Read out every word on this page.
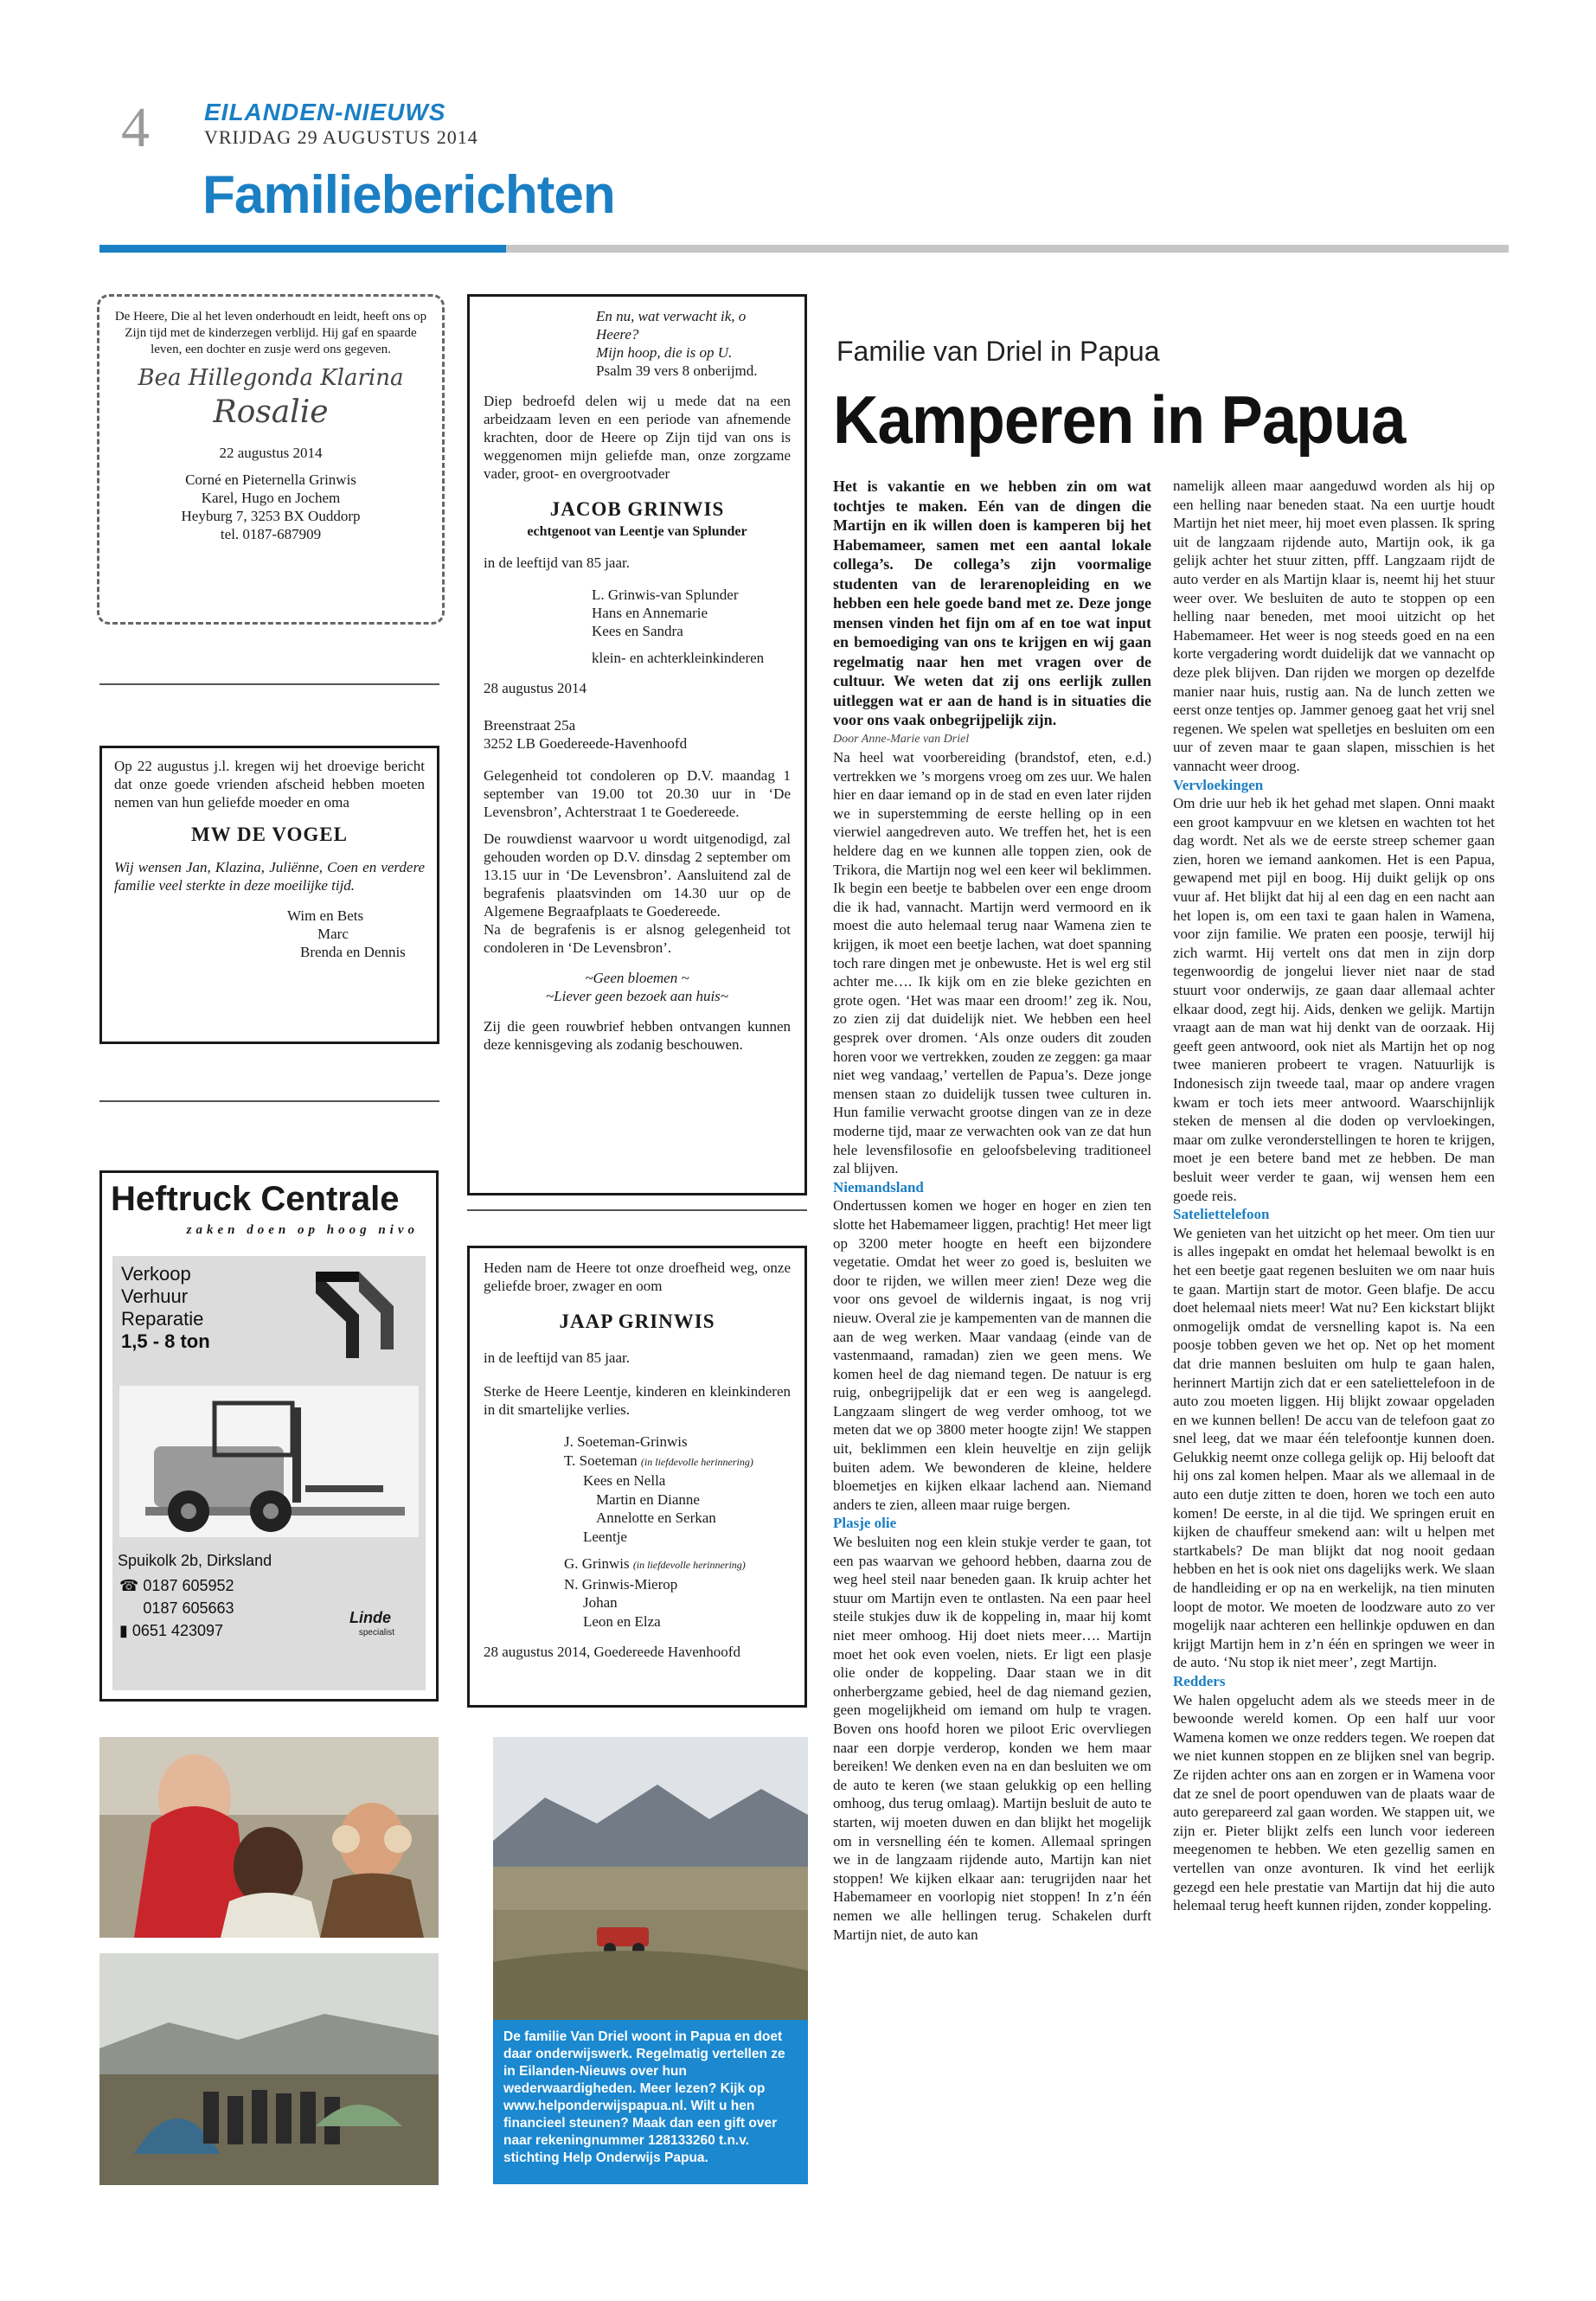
4 EILANDEN-NIEUWS
VRIJDAG 29 AUGUSTUS 2014
Familieberichten
De Heere, Die al het leven onderhoudt en leidt, heeft ons op Zijn tijd met de kinderzegen verblijd. Hij gaf en spaarde leven, een dochter en zusje werd ons gegeven.
Bea Hillegonda Klarina
Rosalie
22 augustus 2014
Corné en Pieternella Grinwis
Karel, Hugo en Jochem
Heyburg 7, 3253 BX Ouddorp
tel. 0187-687909
Op 22 augustus j.l. kregen wij het droevige bericht dat onze goede vrienden afscheid hebben moeten nemen van hun geliefde moeder en oma
MW DE VOGEL
Wij wensen Jan, Klazina, Juliënne, Coen en verdere familie veel sterkte in deze moeilijke tijd.
Wim en Bets
Marc
Brenda en Dennis
Heftruck Centrale
zaken doen op hoog nivo
Verkoop
Verhuur
Reparatie
1,5 - 8 ton
Spuikolk 2b, Dirksland
☎ 0187 605952
0187 605663
▮ 0651 423097
Linde
specialist
En nu, wat verwacht ik, o Heere?
Mijn hoop, die is op U.
Psalm 39 vers 8 onberijmd.
Diep bedroefd delen wij u mede dat na een arbeidzaam leven en een periode van afnemende krachten, door de Heere op Zijn tijd van ons is weggenomen mijn geliefde man, onze zorgzame vader, groot- en overgrootvader
JACOB GRINWIS
echtgenoot van Leentje van Splunder
in de leeftijd van 85 jaar.
L. Grinwis-van Splunder
Hans en Annemarie
Kees en Sandra
klein- en achterkleinkinderen
28 augustus 2014
Breenstraat 25a
3252 LB Goedereede-Havenhoofd
Gelegenheid tot condoleren op D.V. maandag 1 september van 19.00 tot 20.30 uur in ‘De Levensbron’, Achterstraat 1 te Goedereede.
De rouwdienst waarvoor u wordt uitgenodigd, zal gehouden worden op D.V. dinsdag 2 september om 13.15 uur in ‘De Levensbron’. Aansluitend zal de begrafenis plaatsvinden om 14.30 uur op de Algemene Begraafplaats te Goedereede.
Na de begrafenis is er alsnog gelegenheid tot condoleren in ‘De Levensbron’.
~Geen bloemen ~
~Liever geen bezoek aan huis~
Zij die geen rouwbrief hebben ontvangen kunnen deze kennisgeving als zodanig beschouwen.
Heden nam de Heere tot onze droefheid weg, onze geliefde broer, zwager en oom
JAAP GRINWIS
in de leeftijd van 85 jaar.
Sterke de Heere Leentje, kinderen en kleinkinderen in dit smartelijke verlies.
J. Soeteman-Grinwis
T. Soeteman (in liefdevolle herinnering)
Kees en Nella
Martin en Dianne
Annelotte en Serkan
Leentje
G. Grinwis (in liefdevolle herinnering)
N. Grinwis-Mierop
Johan
Leon en Elza
28 augustus 2014, Goedereede Havenhoofd
De familie Van Driel woont in Papua en doet daar onderwijswerk. Regelmatig vertellen ze in Eilanden-Nieuws over hun wederwaardigheden. Meer lezen? Kijk op www.helponderwijspapua.nl. Wilt u hen financieel steunen? Maak dan een gift over naar rekeningnummer 128133260 t.n.v. stichting Help Onderwijs Papua.
Familie van Driel in Papua
Kamperen in Papua

Het is vakantie en we hebben zin om wat tochtjes te maken. Eén van de dingen die Martijn en ik willen doen is kamperen bij het Habemameer, samen met een aantal lokale collega’s. De collega’s zijn voormalige studenten van de lerarenopleiding en we hebben een hele goede band met ze. Deze jonge mensen vinden het fijn om af en toe wat input en bemoediging van ons te krijgen en wij gaan regelmatig naar hen met vragen over de cultuur. We weten dat zij ons eerlijk zullen uitleggen wat er aan de hand is in situaties die voor ons vaak onbegrijpelijk zijn.

Door Anne-Marie van Driel

Na heel wat voorbereiding (brandstof, eten, e.d.) vertrekken we ’s morgens vroeg om zes uur. We halen hier en daar iemand op in de stad en even later rijden we in superstemming de eerste helling op in een vierwiel aangedreven auto. We treffen het, het is een heldere dag en we kunnen alle toppen zien, ook de Trikora, die Martijn nog wel een keer wil beklimmen. Ik begin een beetje te babbelen over een enge droom die ik had, vannacht. Martijn werd vermoord en ik moest die auto helemaal terug naar Wamena zien te krijgen, ik moet een beetje lachen, wat doet spanning toch rare dingen met je onbewuste. Het is wel erg stil achter me…. Ik kijk om en zie bleke gezichten en grote ogen. ‘Het was maar een droom!’ zeg ik. Nou, zo zien zij dat duidelijk niet. We hebben een heel gesprek over dromen. ‘Als onze ouders dit zouden horen voor we vertrekken, zouden ze zeggen: ga maar niet weg vandaag,’ vertellen de Papua’s. Deze jonge mensen staan zo duidelijk tussen twee culturen in. Hun familie verwacht grootse dingen van ze in deze moderne tijd, maar ze verwachten ook van ze dat hun hele levensfilosofie en geloofsbeleving traditioneel zal blijven.

Niemandsland

Ondertussen komen we hoger en hoger en zien ten slotte het Habemameer liggen, prachtig! Het meer ligt op 3200 meter hoogte en heeft een bijzondere vegetatie. Omdat het weer zo goed is, besluiten we door te rijden, we willen meer zien! Deze weg die voor ons gevoel de wildernis ingaat, is nog vrij nieuw. Overal zie je kampementen van de mannen die aan de weg werken. Maar vandaag (einde van de vastenmaand, ramadan) zien we geen mens. We komen heel de dag niemand tegen. De natuur is erg ruig, onbegrijpelijk dat er een weg is aangelegd. Langzaam slingert de weg verder omhoog, tot we meten dat we op 3800 meter hoogte zijn! We stappen uit, beklimmen een klein heuveltje en zijn gelijk buiten adem. We bewonderen de kleine, heldere bloemetjes en kijken elkaar lachend aan. Niemand anders te zien, alleen maar ruige bergen.

Plasje olie

We besluiten nog een klein stukje verder te gaan, tot een pas waarvan we gehoord hebben, daarna zou de weg heel steil naar beneden gaan. Ik kruip achter het stuur om Martijn even te ontlasten. Na een paar heel steile stukjes duw ik de koppeling in, maar hij komt niet meer omhoog. Hij doet niets meer…. Martijn moet het ook even voelen, niets. Er ligt een plasje olie onder de koppeling. Daar staan we in dit onherbergzame gebied, heel de dag niemand gezien, geen mogelijkheid om iemand om hulp te vragen. Boven ons hoofd horen we piloot Eric overvliegen naar een dorpje verderop, konden we hem maar bereiken! We denken even na en dan besluiten we om de auto te keren (we staan gelukkig op een helling omhoog, dus terug omlaag). Martijn besluit de auto te starten, wij moeten duwen en dan blijkt het mogelijk om in versnelling één te komen. Allemaal springen we in de langzaam rijdende auto, Martijn kan niet stoppen! We kijken elkaar aan: terugrijden naar het Habemameer en voorlopig niet stoppen! In z’n één nemen we alle hellingen terug. Schakelen durft Martijn niet, de auto kan

namelijk alleen maar aangeduwd worden als hij op een helling naar beneden staat. Na een uurtje houdt Martijn het niet meer, hij moet even plassen. Ik spring uit de langzaam rijdende auto, Martijn ook, ik ga gelijk achter het stuur zitten, pfff. Langzaam rijdt de auto verder en als Martijn klaar is, neemt hij het stuur weer over. We besluiten de auto te stoppen op een helling naar beneden, met mooi uitzicht op het Habemameer. Het weer is nog steeds goed en na een korte vergadering wordt duidelijk dat we vannacht op deze plek blijven. Dan rijden we morgen op dezelfde manier naar huis, rustig aan. Na de lunch zetten we eerst onze tentjes op. Jammer genoeg gaat het vrij snel regenen. We spelen wat spelletjes en besluiten om een uur of zeven maar te gaan slapen, misschien is het vannacht weer droog.

Vervloekingen

Om drie uur heb ik het gehad met slapen. Onni maakt een groot kampvuur en we kletsen en wachten tot het dag wordt. Net als we de eerste streep schemer gaan zien, horen we iemand aankomen. Het is een Papua, gewapend met pijl en boog. Hij duikt gelijk op ons vuur af. Het blijkt dat hij al een dag en een nacht aan het lopen is, om een taxi te gaan halen in Wamena, voor zijn familie. We praten een poosje, terwijl hij zich warmt. Hij vertelt ons dat men in zijn dorp tegenwoordig de jongelui liever niet naar de stad stuurt voor onderwijs, ze gaan daar allemaal achter elkaar dood, zegt hij. Aids, denken we gelijk. Martijn vraagt aan de man wat hij denkt van de oorzaak. Hij geeft geen antwoord, ook niet als Martijn het op nog twee manieren probeert te vragen. Natuurlijk is Indonesisch zijn tweede taal, maar op andere vragen kwam er toch iets meer antwoord. Waarschijnlijk steken de mensen al die doden op vervloekingen, maar om zulke veronderstellingen te horen te krijgen, moet je een betere band met ze hebben. De man besluit weer verder te gaan, wij wensen hem een goede reis.

Sateliettelefoon

We genieten van het uitzicht op het meer. Om tien uur is alles ingepakt en omdat het helemaal bewolkt is en het een beetje gaat regenen besluiten we om naar huis te gaan. Martijn start de motor. Geen blafje. De accu doet helemaal niets meer! Wat nu? Een kickstart blijkt onmogelijk omdat de versnelling kapot is. Na een poosje tobben geven we het op. Net op het moment dat drie mannen besluiten om hulp te gaan halen, herinnert Martijn zich dat er een sateliettelefoon in de auto zou moeten liggen. Hij blijkt zowaar opgeladen en we kunnen bellen! De accu van de telefoon gaat zo snel leeg, dat we maar één telefoontje kunnen doen. Gelukkig neemt onze collega gelijk op. Hij belooft dat hij ons zal komen helpen. Maar als we allemaal in de auto een dutje zitten te doen, horen we toch een auto komen! De eerste, in al die tijd. We springen eruit en kijken de chauffeur smekend aan: wilt u helpen met startkabels? De man blijkt dat nog nooit gedaan hebben en het is ook niet ons dagelijks werk. We slaan de handleiding er op na en werkelijk, na tien minuten loopt de motor. We moeten de loodzware auto zo ver mogelijk naar achteren een hellinkje opduwen en dan krijgt Martijn hem in z’n één en springen we weer in de auto. ‘Nu stop ik niet meer’, zegt Martijn.

Redders

We halen opgelucht adem als we steeds meer in de bewoonde wereld komen. Op een half uur voor Wamena komen we onze redders tegen. We roepen dat we niet kunnen stoppen en ze blijken snel van begrip. Ze rijden achter ons aan en zorgen er in Wamena voor dat ze snel de poort openduwen van de plaats waar de auto gerepareerd zal gaan worden. We stappen uit, we zijn er. Pieter blijkt zelfs een lunch voor iedereen meegenomen te hebben. We eten gezellig samen en vertellen van onze avonturen. Ik vind het eerlijk gezegd een hele prestatie van Martijn dat hij die auto helemaal terug heeft kunnen rijden, zonder koppeling.
